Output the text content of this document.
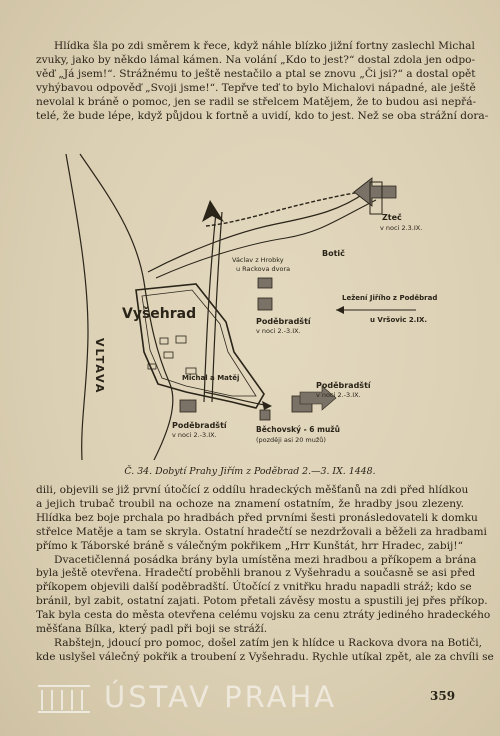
Hlídka šla po zdi směrem k řece, když náhle blízko jižní fortny zaslechl Michal
zvuky, jako by někdo lámal kámen. Na volání „Kdo to jest?“ dostal zdola jen odpo-
věď „Já jsem!“. Strážnému to ještě nestačilo a ptal se znovu „Či jsi?“ a dostal opět
vyhýbavou odpověď „Svoji jsme!“. Tepřve teď to bylo Michalovi nápadné, ale ještě
nevolal k bráně o pomoc, jen se radil se střelcem Matějem, že to budou asi nepřá-
telé, že bude lépe, když půjdou k fortně a uvidí, kdo to jest. Než se oba strážní dora-

Vyšehrad
VLTAVA
Botič
Zteč
v noci 2.3.IX.
Václav z Hrobky
u Rackova dvora
Ležení Jiřího z Poděbrad
u Vršovic 2.IX.
Poděbradští
v noci 2.-3.IX.
Poděbradští
v noci 2.-3.IX.
Poděbradští
v noci 2.-3.IX.
Michal a Matěj
Běchovský - 6 mužů
(později asi 20 mužů)
Č. 34. Dobytí Prahy Jiřím z Poděbrad 2.—3. IX. 1448.

dili, objevili se již první útočící z oddílu hradeckých měšťanů na zdi před hlídkou
a jejich trubač troubil na ochoze na znamení ostatním, že hradby jsou zlezeny.
Hlídka bez boje prchala po hradbách před prvními šesti pronásledovateli k domku
střelce Matěje a tam se skryla. Ostatní hradečtí se nezdržovali a běželi za hradbami
přímo k Táborské bráně s válečným pokřikem „Hrr Kunštát, hrr Hradec, zabij!“
Dvacetičlenná posádka brány byla umístěna mezi hradbou a příkopem a brána
byla ještě otevřena. Hradečtí proběhli branou z Vyšehradu a současně se asi před
příkopem objevili další poděbradští. Útočící z vnitřku hradu napadli stráž; kdo se
bránil, byl zabit, ostatní zajati. Potom přetali závěsy mostu a spustili jej přes příkop.
Tak byla cesta do města otevřena celému vojsku za cenu ztráty jediného hradeckého
měšťana Bílka, který padl při boji se stráží.
Rabštejn, jdoucí pro pomoc, došel zatím jen k hlídce u Rackova dvora na Botiči,
kde uslyšel válečný pokřik a troubení z Vyšehradu. Rychle utíkal zpět, ale za chvíli se

ÚSTAV PRAHA	359
